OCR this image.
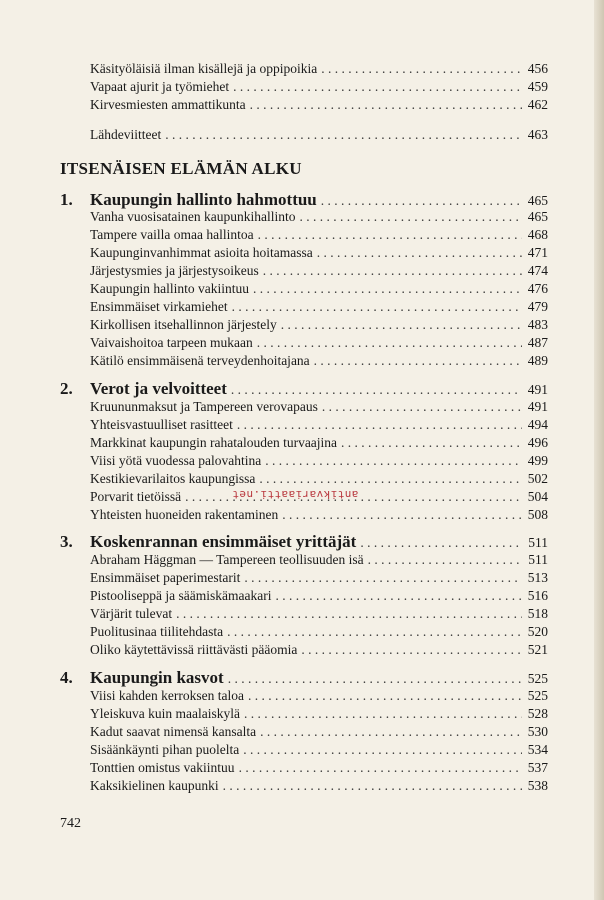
Käsityöläisiä ilman kisällejä ja oppipoikia . . .	456
Vapaat ajurit ja työmiehet . . .	459
Kirvesmiesten ammattikunta . . .	462
Lähdeviitteet . . .	463
ITSENÄISEN ELÄMÄN ALKU
1.	Kaupungin hallinto hahmottuu . . .	465
Vanha vuosisatainen kaupunkihallinto . . .	465
Tampere vailla omaa hallintoa . . .	468
Kaupunginvanhimmat asioita hoitamassa . . .	471
Järjestysmies ja järjestysoikeus . . .	474
Kaupungin hallinto vakiintuu . . .	476
Ensimmäiset virkamiehet . . .	479
Kirkollisen itsehallinnon järjestely . . .	483
Vaivaishoitoa tarpeen mukaan . . .	487
Kätilö ensimmäisenä terveydenhoitajana . . .	489
2.	Verot ja velvoitteet . . .	491
Kruununmaksut ja Tampereen verovapaus . . .	491
Yhteisvastuulliset rasitteet . . .	494
Markkinat kaupungin rahatalouden turvaajina . . .	496
Viisi yötä vuodessa palovahtina . . .	499
Kestikievarilaitos kaupungissa . . .	502
Porvarit tietöissä . . .	504
Yhteisten huoneiden rakentaminen . . .	508
3.	Koskenrannan ensimmäiset yrittäjät . . .	511
Abraham Häggman — Tampereen teollisuuden isä . . .	511
Ensimmäiset paperimestarit . . .	513
Pistooliseppä ja säämiskämaakari . . .	516
Värjärit tulevat . . .	518
Puolitusinaa tiilitehdasta . . .	520
Oliko käytettävissä riittävästi pääomia . . .	521
4.	Kaupungin kasvot . . .	525
Viisi kahden kerroksen taloa . . .	525
Yleiskuva kuin maalaiskylä . . .	528
Kadut saavat nimensä kansalta . . .	530
Sisäänkäynti pihan puolelta . . .	534
Tonttien omistus vakiintuu . . .	537
Kaksikielinen kaupunki . . .	538
antikvariaatti.net
742
